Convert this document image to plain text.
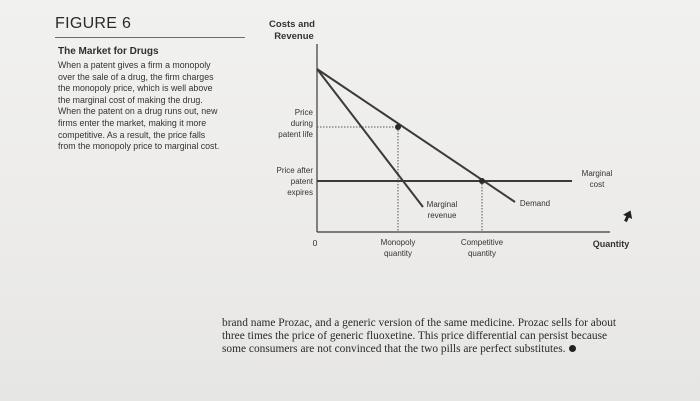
FIGURE 6
The Market for Drugs
When a patent gives a firm a monopoly
over the sale of a drug, the firm charges
the monopoly price, which is well above
the marginal cost of making the drug.
When the patent on a drug runs out, new
firms enter the market, making it more
competitive. As a result, the price falls
from the monopoly price to marginal cost.
Costs and
Revenue
Price
during
patent life
Price after
patent
expires
0	Monopoly
quantity
Competitive
quantity
Quantity
Marginal
revenue
Demand
Marginal
cost
brand name Prozac, and a generic version of the same medicine. Prozac sells for about
three times the price of generic fluoxetine. This price differential can persist because
some consumers are not convinced that the two pills are perfect substitutes.
